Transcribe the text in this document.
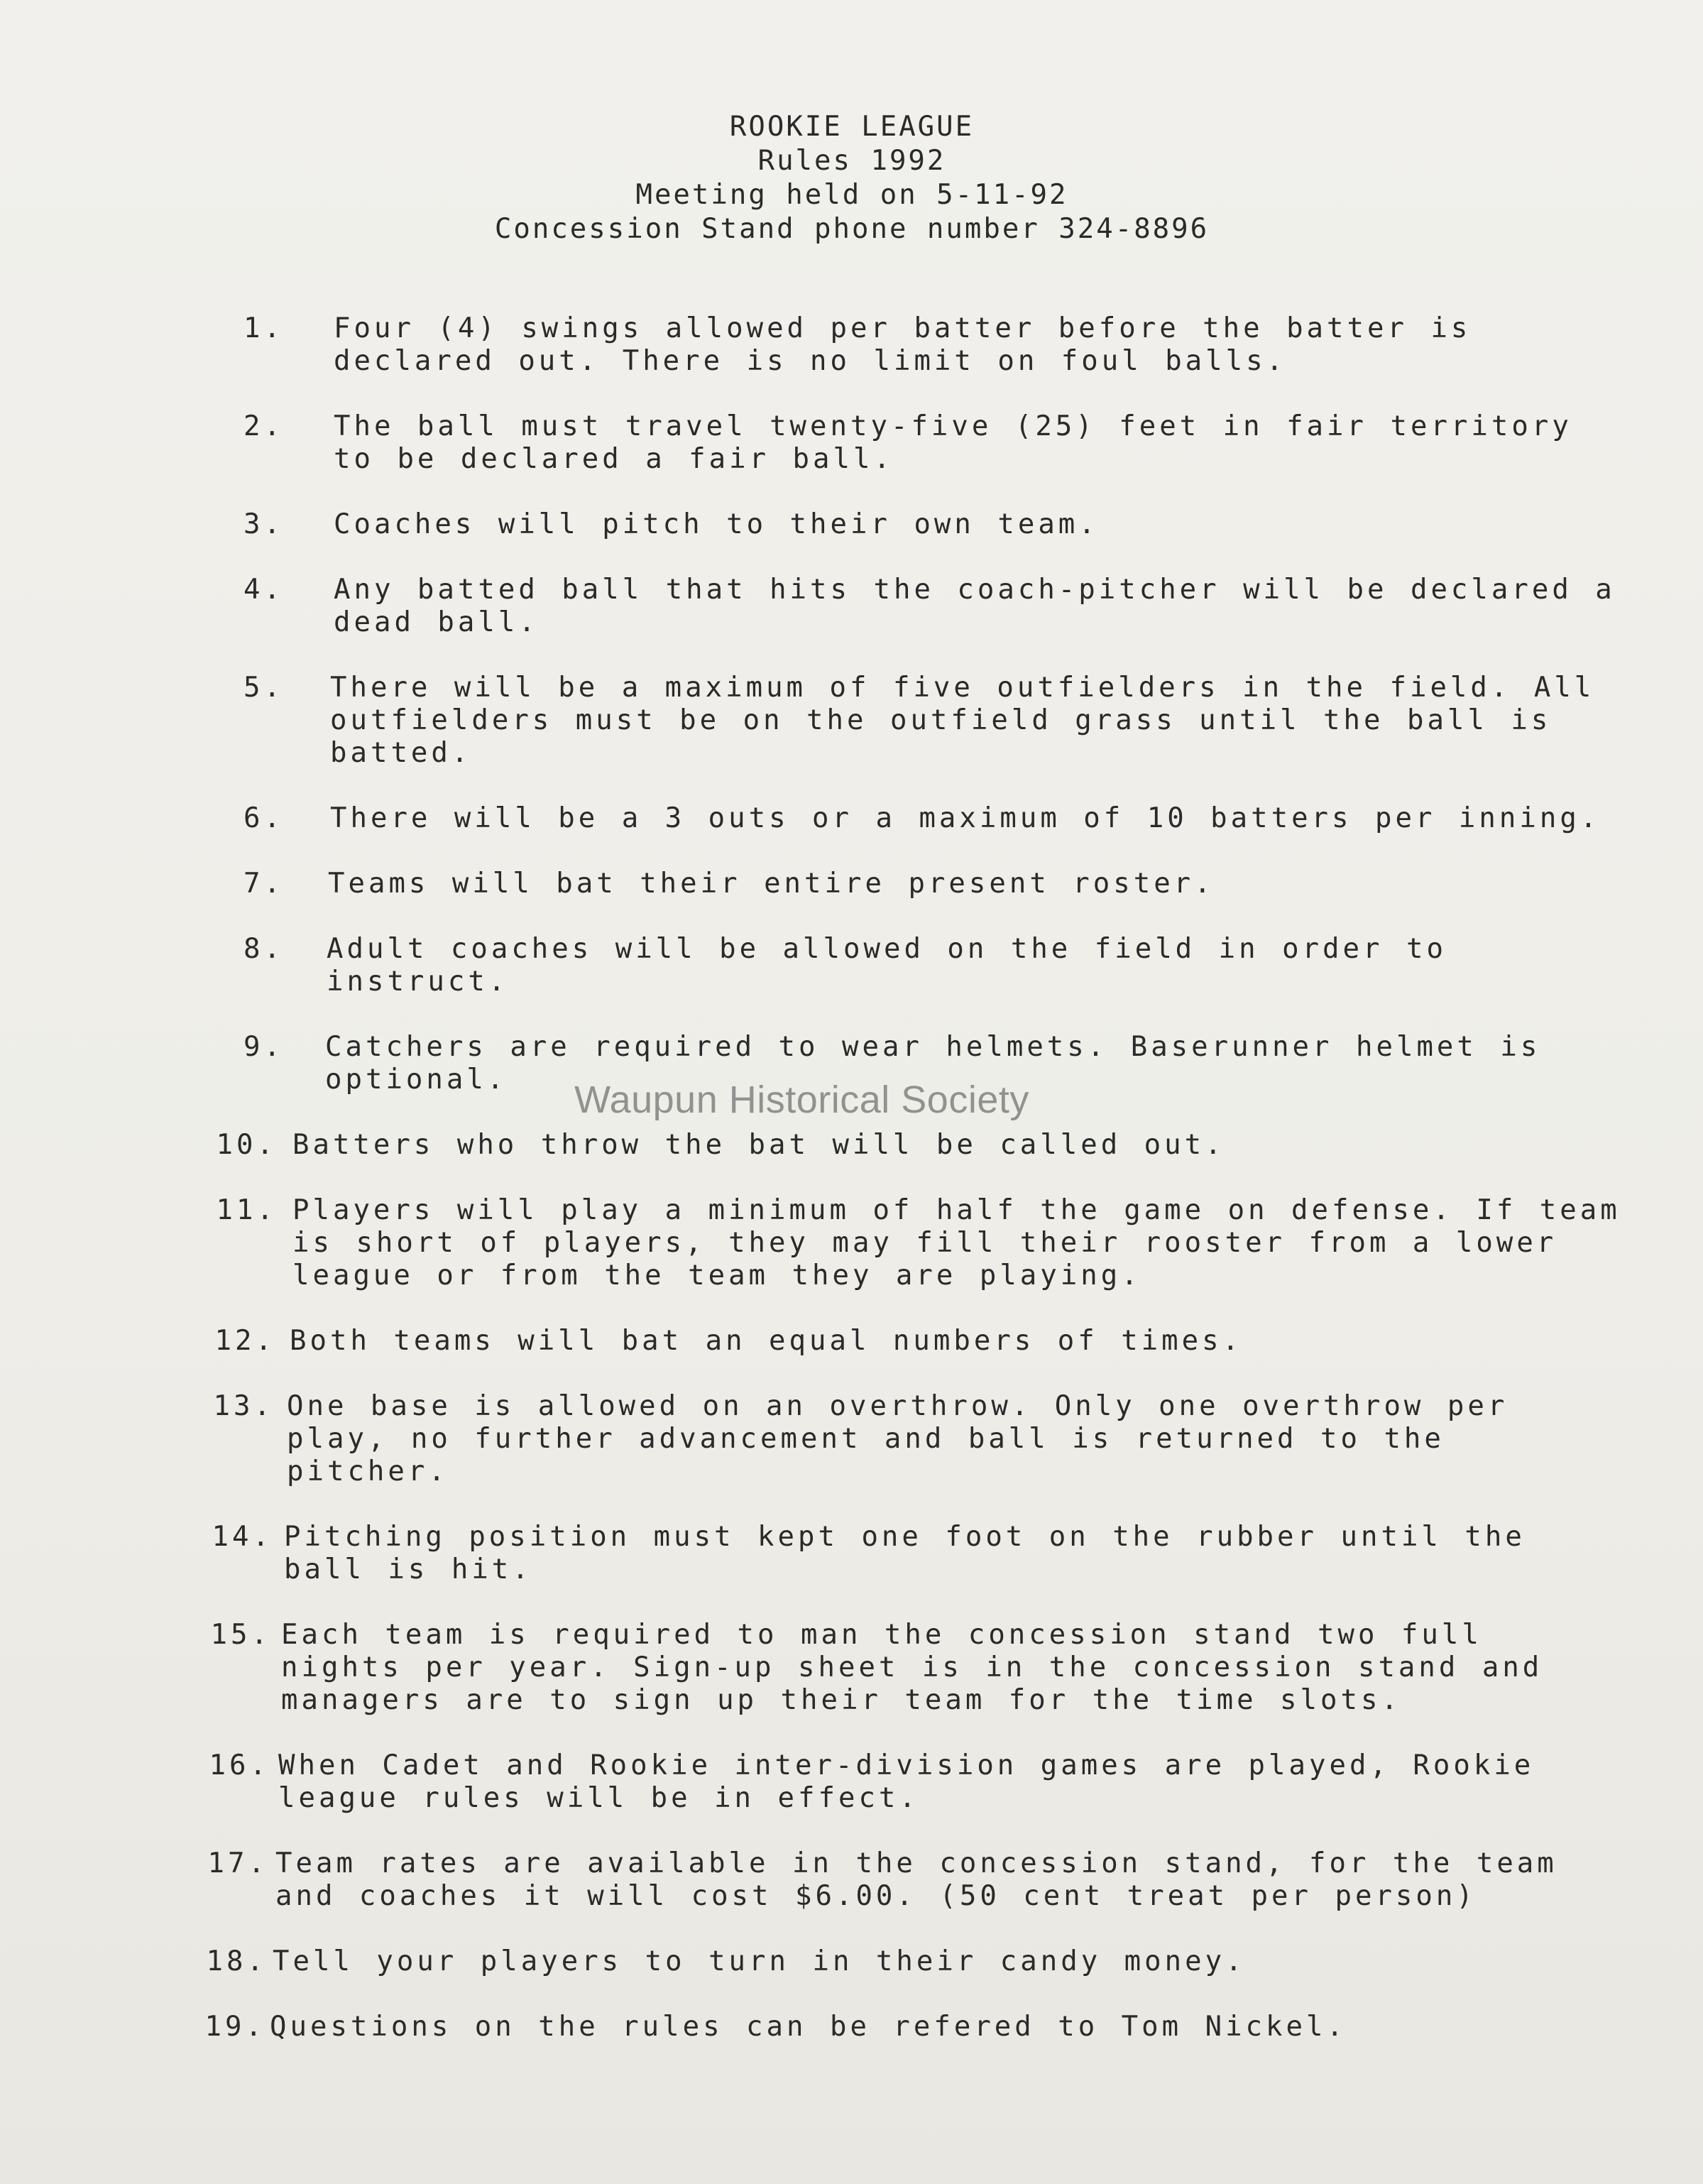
ROOKIE LEAGUE
Rules 1992
Meeting held on 5-11-92
Concession Stand phone number 324-8896
1.	Four (4) swings allowed per batter before the batter is declared out. There is no limit on foul balls.
2.	The ball must travel twenty-five (25) feet in fair territory to be declared a fair ball.
3.	Coaches will pitch to their own team.
4.	Any batted ball that hits the coach-pitcher will be declared a dead ball.
5.	There will be a maximum of five outfielders in the field. All outfielders must be on the outfield grass until the ball is batted.
6.	There will be a 3 outs or a maximum of 10 batters per inning.
7.	Teams will bat their entire present roster.
8.	Adult coaches will be allowed on the field in order to instruct.
9.	Catchers are required to wear helmets. Baserunner helmet is optional.
10. Batters who throw the bat will be called out.
11. Players will play a minimum of half the game on defense. If team is short of players, they may fill their rooster from a lower league or from the team they are playing.
12. Both teams will bat an equal numbers of times.
13. One base is allowed on an overthrow. Only one overthrow per play, no further advancement and ball is returned to the pitcher.
14. Pitching position must kept one foot on the rubber until the ball is hit.
15. Each team is required to man the concession stand two full nights per year. Sign-up sheet is in the concession stand and managers are to sign up their team for the time slots.
16. When Cadet and Rookie inter-division games are played, Rookie league rules will be in effect.
17. Team rates are available in the concession stand, for the team and coaches it will cost $6.00. (50 cent treat per person)
18. Tell your players to turn in their candy money.
19. Questions on the rules can be refered to Tom Nickel.
Waupun Historical Society
